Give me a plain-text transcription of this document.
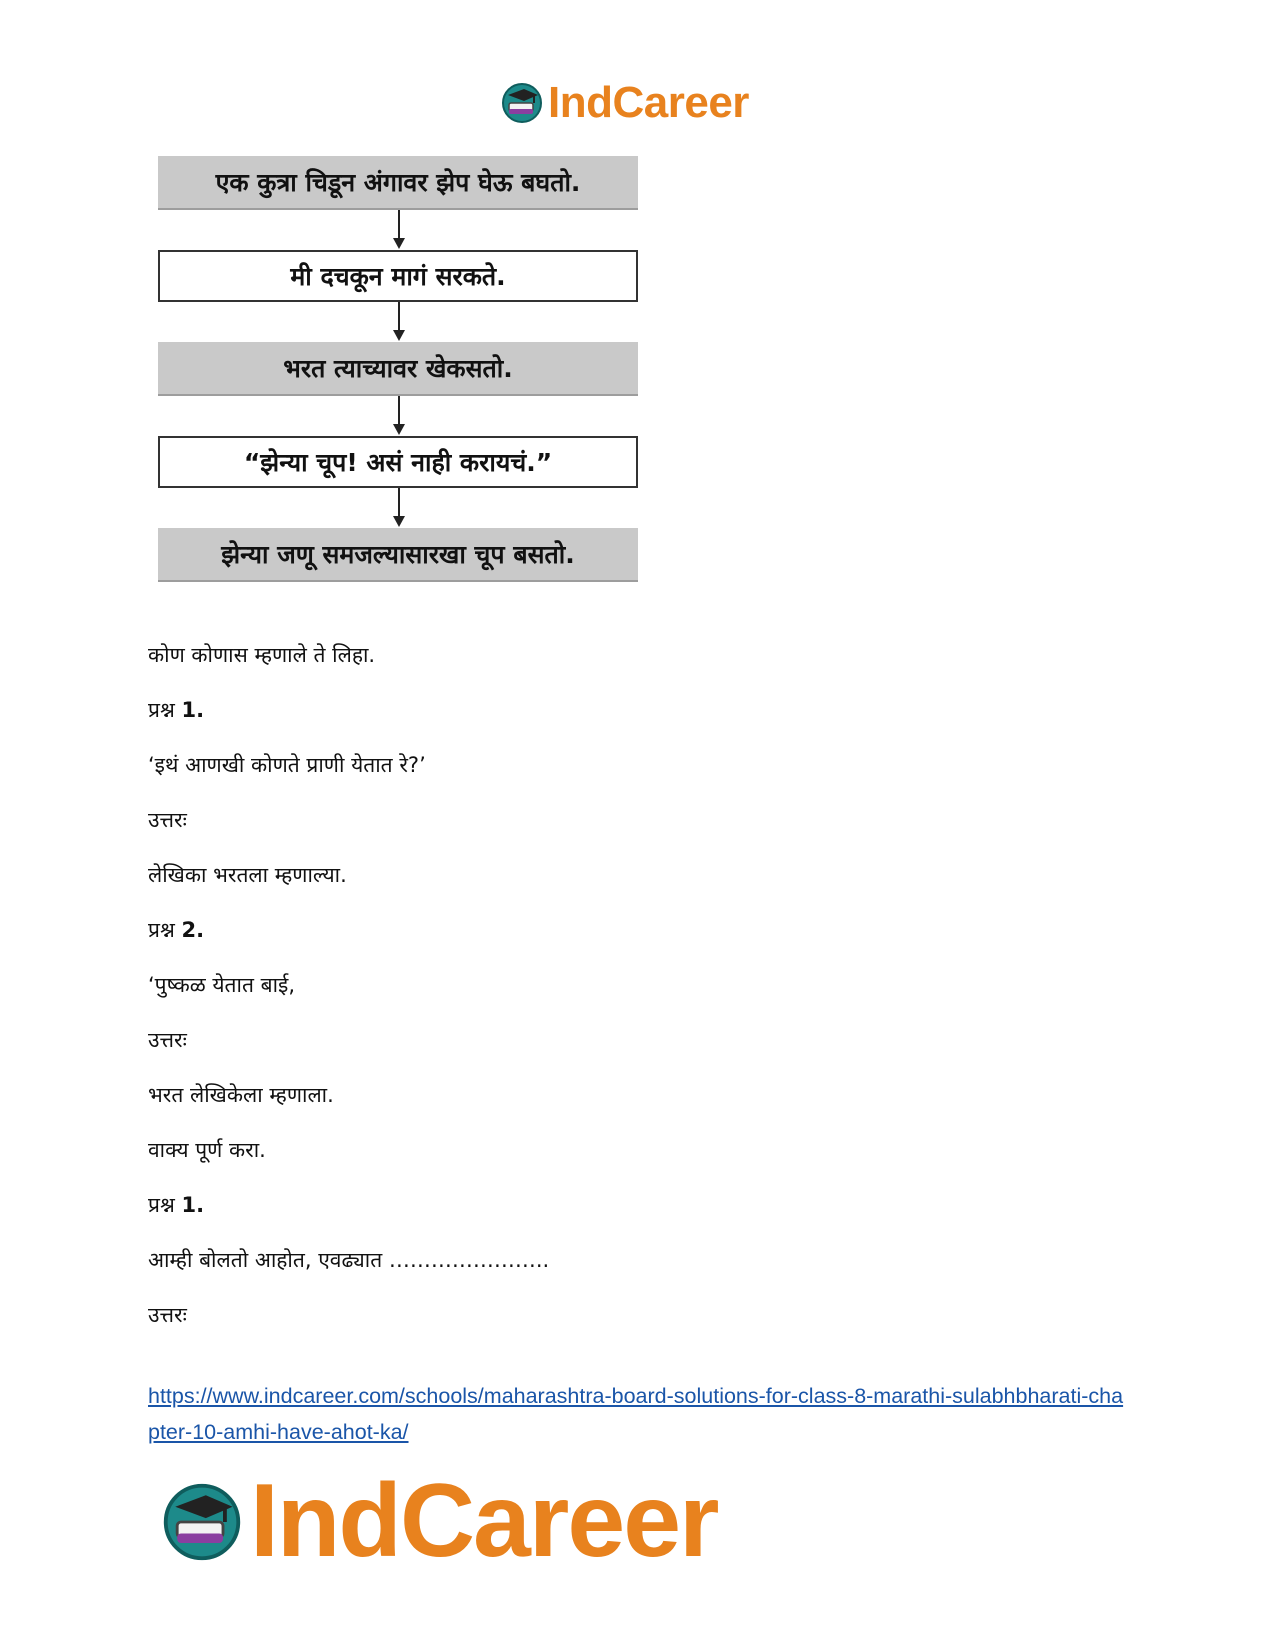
IndCareer
एक कुत्रा चिडून अंगावर झेप घेऊ बघतो.
मी दचकून मागं सरकते.
भरत त्याच्यावर खेकसतो.
“झेन्या चूप! असं नाही करायचं.”
झेन्या जणू समजल्यासारखा चूप बसतो.

कोण कोणास म्हणाले ते लिहा.

प्रश्न 1.

‘इथं आणखी कोणते प्राणी येतात रे?’

उत्तरः

लेखिका भरतला म्हणाल्या.

प्रश्न 2.

‘पुष्कळ येतात बाई,

उत्तरः

भरत लेखिकेला म्हणाला.

वाक्य पूर्ण करा.

प्रश्न 1.

आम्ही बोलतो आहोत, एवढ्यात …………………..

उत्तरः

https://www.indcareer.com/schools/maharashtra-board-solutions-for-class-8-marathi-sulabhbharati-chapter-10-amhi-have-ahot-ka/
IndCareer
